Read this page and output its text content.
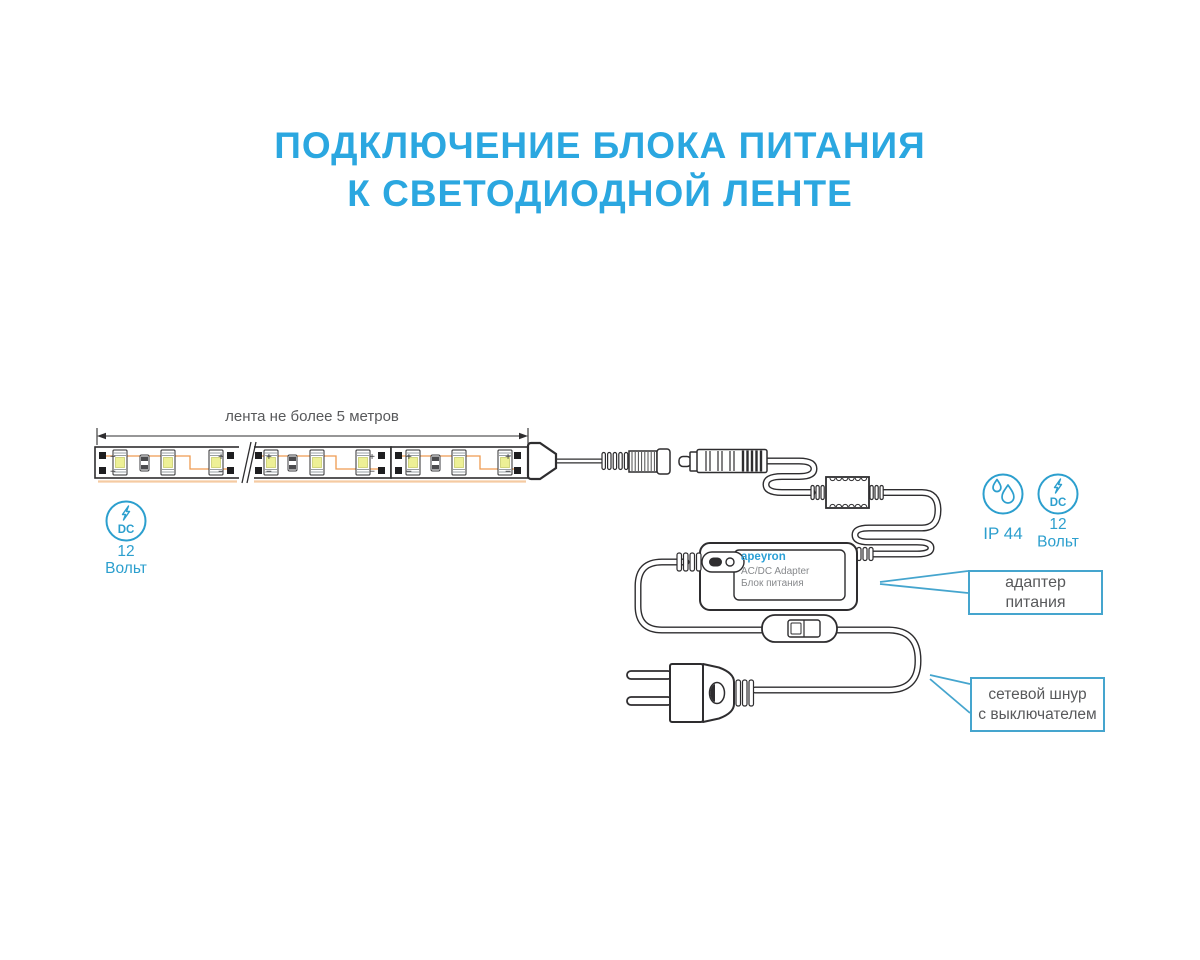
ПОДКЛЮЧЕНИЕ БЛОКА ПИТАНИЯ
К СВЕТОДИОДНОЙ ЛЕНТЕ
+
−
+
−
+
−
+
−
+
−
+
−
лента не более 5 метров
apeyron
AC/DC Adapter
Блок питания
DC
12
Вольт
IP 44
DC
12
Вольт
адаптер
питания
сетевой шнур
с выключателем
